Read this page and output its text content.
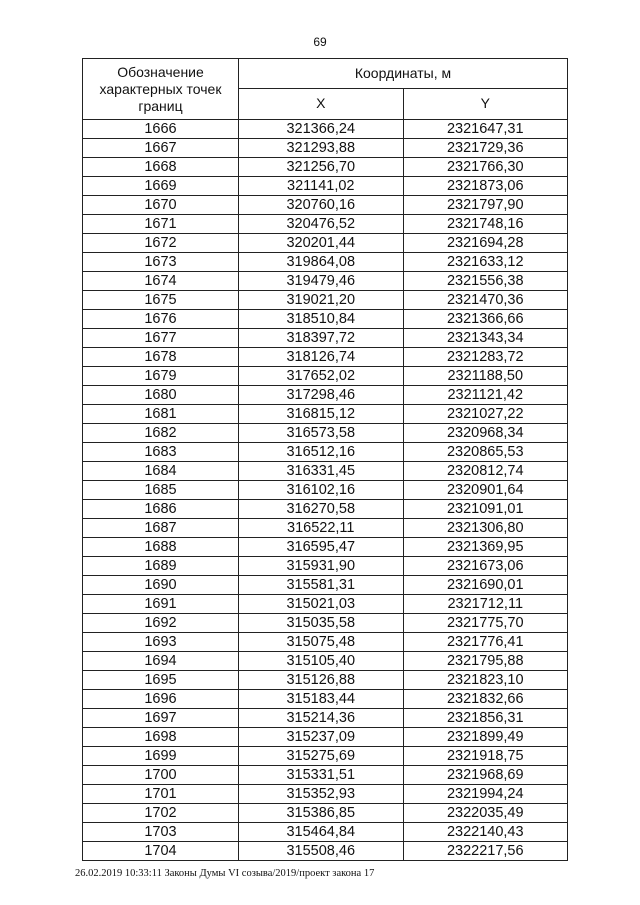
69
Обозначение характерных точек границ	Координаты, м	
	X	Y
1666	321366,24	2321647,31
1667	321293,88	2321729,36
1668	321256,70	2321766,30
1669	321141,02	2321873,06
1670	320760,16	2321797,90
1671	320476,52	2321748,16
1672	320201,44	2321694,28
1673	319864,08	2321633,12
1674	319479,46	2321556,38
1675	319021,20	2321470,36
1676	318510,84	2321366,66
1677	318397,72	2321343,34
1678	318126,74	2321283,72
1679	317652,02	2321188,50
1680	317298,46	2321121,42
1681	316815,12	2321027,22
1682	316573,58	2320968,34
1683	316512,16	2320865,53
1684	316331,45	2320812,74
1685	316102,16	2320901,64
1686	316270,58	2321091,01
1687	316522,11	2321306,80
1688	316595,47	2321369,95
1689	315931,90	2321673,06
1690	315581,31	2321690,01
1691	315021,03	2321712,11
1692	315035,58	2321775,70
1693	315075,48	2321776,41
1694	315105,40	2321795,88
1695	315126,88	2321823,10
1696	315183,44	2321832,66
1697	315214,36	2321856,31
1698	315237,09	2321899,49
1699	315275,69	2321918,75
1700	315331,51	2321968,69
1701	315352,93	2321994,24
1702	315386,85	2322035,49
1703	315464,84	2322140,43
1704	315508,46	2322217,56
26.02.2019 10:33:11 Законы Думы VI созыва/2019/проект закона 17
